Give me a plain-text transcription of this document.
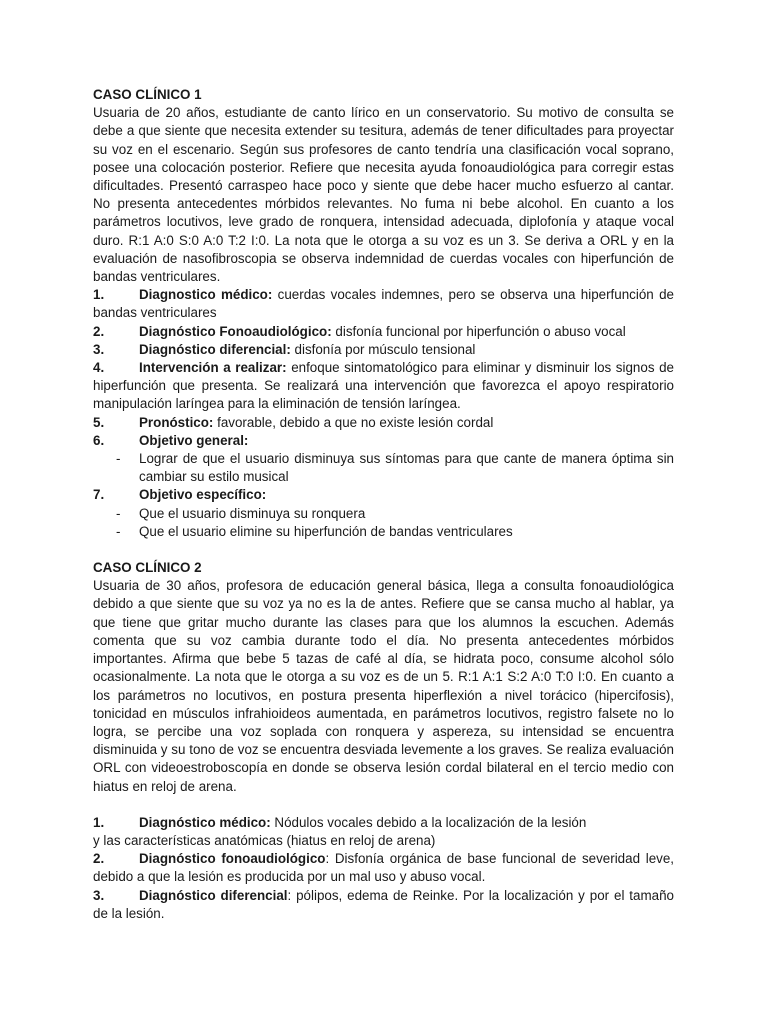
CASO CLÍNICO 1

Usuaria de 20 años, estudiante de canto lírico en un conservatorio. Su motivo de consulta se debe a que siente que necesita extender su tesitura, además de tener dificultades para proyectar su voz en el escenario. Según sus profesores de canto tendría una clasificación vocal soprano, posee una colocación posterior. Refiere que necesita ayuda fonoaudiológica para corregir estas dificultades. Presentó carraspeo hace poco y siente que debe hacer mucho esfuerzo al cantar. No presenta antecedentes mórbidos relevantes. No fuma ni bebe alcohol. En cuanto a los parámetros locutivos, leve grado de ronquera, intensidad adecuada, diplofonía y ataque vocal duro. R:1 A:0 S:0 A:0 T:2 I:0. La nota que le otorga a su voz es un 3. Se deriva a ORL y en la evaluación de nasofibroscopia se observa indemnidad de cuerdas vocales con hiperfunción de bandas ventriculares.

1.	Diagnostico médico: cuerdas vocales indemnes, pero se observa una hiperfunción de bandas ventriculares

2.	Diagnóstico Fonoaudiológico: disfonía funcional por hiperfunción o abuso vocal

3.	Diagnóstico diferencial: disfonía por músculo tensional

4.	Intervención a realizar: enfoque sintomatológico para eliminar y disminuir los signos de hiperfunción que presenta. Se realizará una intervención que favorezca el apoyo respiratorio manipulación laríngea para la eliminación de tensión laríngea.

5.	Pronóstico: favorable, debido a que no existe lesión cordal

6.	Objetivo general:

- Lograr de que el usuario disminuya sus síntomas para que cante de manera óptima sin cambiar su estilo musical

7.	Objetivo específico:

- Que el usuario disminuya su ronquera

- Que el usuario elimine su hiperfunción de bandas ventriculares

CASO CLÍNICO 2

Usuaria de 30 años, profesora de educación general básica, llega a consulta fonoaudiológica debido a que siente que su voz ya no es la de antes. Refiere que se cansa mucho al hablar, ya que tiene que gritar mucho durante las clases para que los alumnos la escuchen. Además comenta que su voz cambia durante todo el día. No presenta antecedentes mórbidos importantes. Afirma que bebe 5 tazas de café al día, se hidrata poco, consume alcohol sólo ocasionalmente. La nota que le otorga a su voz es de un 5. R:1 A:1 S:2 A:0 T:0 I:0. En cuanto a los parámetros no locutivos, en postura presenta hiperflexión a nivel torácico (hipercifosis), tonicidad en músculos infrahioideos aumentada, en parámetros locutivos, registro falsete no lo logra, se percibe una voz soplada con ronquera y aspereza, su intensidad se encuentra disminuida y su tono de voz se encuentra desviada levemente a los graves. Se realiza evaluación ORL con videoestroboscopía en donde se observa lesión cordal bilateral en el tercio medio con hiatus en reloj de arena.

1.	Diagnóstico médico: Nódulos vocales debido a la localización de la lesión

y las características anatómicas (hiatus en reloj de arena)

2.	Diagnóstico fonoaudiológico: Disfonía orgánica de base funcional de severidad leve, debido a que la lesión es producida por un mal uso y abuso vocal.

3.	Diagnóstico diferencial: pólipos, edema de Reinke. Por la localización y por el tamaño de la lesión.
